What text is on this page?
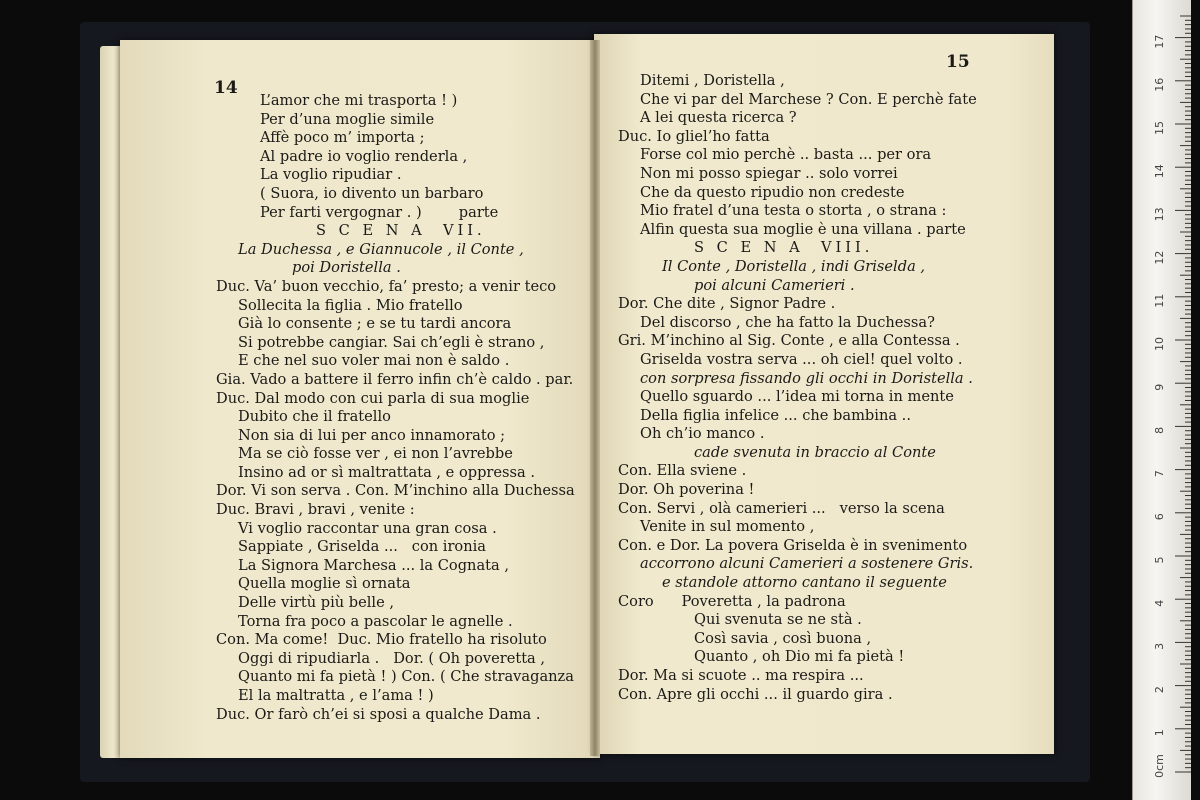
14
L’amor che mi trasporta ! )
Per d’una moglie simile
Affè poco m’ importa ;
Al padre io voglio renderla ,
La voglio ripudiar .
( Suora, io divento un barbaro
Per farti vergognar . )        parte
S C E N A  VII.
La Duchessa , e Giannucole , il Conte ,
poi Doristella .
Duc. Va’ buon vecchio, fa’ presto; a venir teco
Sollecita la figlia . Mio fratello
Già lo consente ; e se tu tardi ancora
Si potrebbe cangiar. Sai ch’egli è strano ,
E che nel suo voler mai non è saldo .
Gia. Vado a battere il ferro infin ch’è caldo . par.
Duc. Dal modo con cui parla di sua moglie
Dubito che il fratello
Non sia di lui per anco innamorato ;
Ma se ciò fosse ver , ei non l’avrebbe
Insino ad or sì maltrattata , e oppressa .
Dor. Vi son serva . Con. M’inchino alla Duchessa
Duc. Bravi , bravi , venite :
Vi voglio raccontar una gran cosa .
Sappiate , Griselda ...   con ironia
La Signora Marchesa ... la Cognata ,
Quella moglie sì ornata
Delle virtù più belle ,
Torna fra poco a pascolar le agnelle .
Con. Ma come!  Duc. Mio fratello ha risoluto
Oggi di ripudiarla .   Dor. ( Oh poveretta ,
Quanto mi fa pietà ! ) Con. ( Che stravaganza
El la maltratta , e l’ama ! )
Duc. Or farò ch’ei si sposi a qualche Dama .
15
Ditemi , Doristella ,
Che vi par del Marchese ? Con. E perchè fate
A lei questa ricerca ?
Duc. Io gliel’ho fatta
Forse col mio perchè .. basta ... per ora
Non mi posso spiegar .. solo vorrei
Che da questo ripudio non credeste
Mio fratel d’una testa o storta , o strana :
Alfin questa sua moglie è una villana . parte
S C E N A  VIII.
Il Conte , Doristella , indi Griselda ,
poi alcuni Camerieri .
Dor. Che dite , Signor Padre .
Del discorso , che ha fatto la Duchessa?
Gri. M’inchino al Sig. Conte , e alla Contessa .
Griselda vostra serva ... oh ciel! quel volto .
con sorpresa fissando gli occhi in Doristella .
Quello sguardo ... l’idea mi torna in mente
Della figlia infelice ... che bambina ..
Oh ch’io manco .
cade svenuta in braccio al Conte
Con. Ella sviene .
Dor. Oh poverina !
Con. Servi , olà camerieri ...   verso la scena
Venite in sul momento ,
Con. e Dor. La povera Griselda è in svenimento
accorrono alcuni Camerieri a sostenere Gris.
e standole attorno cantano il seguente
Coro      Poveretta , la padrona
Qui svenuta se ne stà .
Così savia , così buona ,
Quanto , oh Dio mi fa pietà !
Dor. Ma si scuote .. ma respira ...
Con. Apre gli occhi ... il guardo gira .
0cm
1
2
3
4
5
6
7
8
9
10
11
12
13
14
15
16
17
